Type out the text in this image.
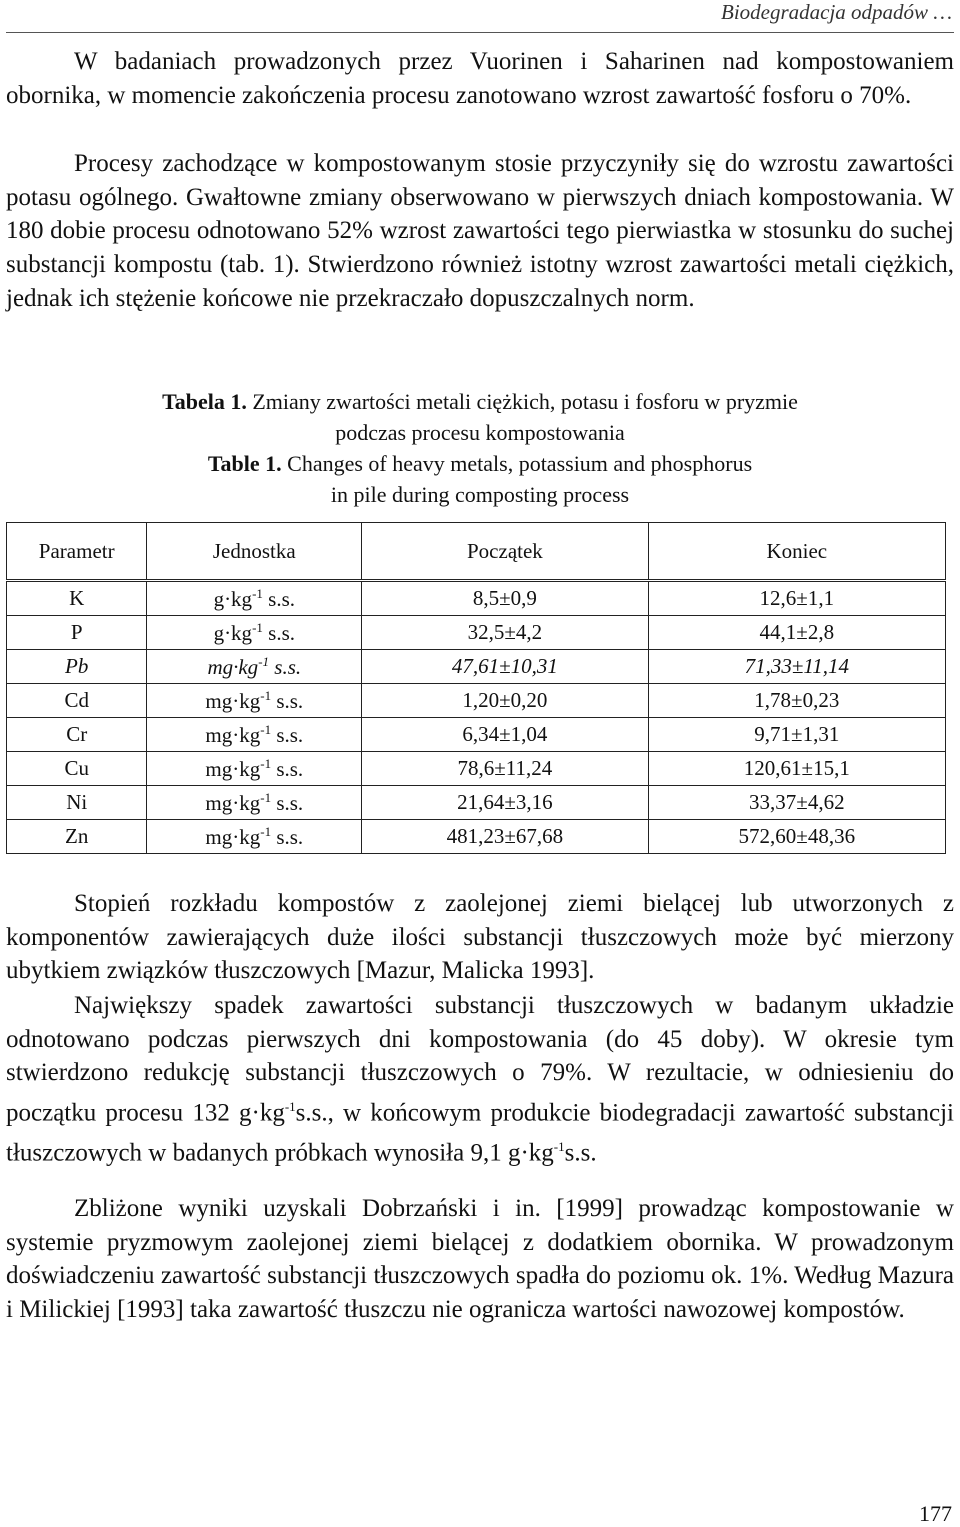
Biodegradacja odpadów …

W badaniach prowadzonych przez Vuorinen i Saharinen nad kompostowaniem obornika, w momencie zakończenia procesu zanotowano wzrost zawartość fosforu o 70%.

Procesy zachodzące w kompostowanym stosie przyczyniły się do wzrostu zawartości potasu ogólnego. Gwałtowne zmiany obserwowano w pierwszych dniach kompostowania. W 180 dobie procesu odnotowano 52% wzrost zawartości tego pierwiastka w stosunku do suchej substancji kompostu (tab. 1). Stwierdzono również istotny wzrost zawartości metali ciężkich, jednak ich stężenie końcowe nie przekraczało dopuszczalnych norm.

Tabela 1. Zmiany zwartości metali ciężkich, potasu i fosforu w pryzmie
podczas procesu kompostowania
Table 1. Changes of heavy metals, potassium and phosphorus
in pile during composting process
Parametr	Jednostka	Początek	Koniec
K	$g\cdot kg^{-1}$ s.s.	8,5±0,9	12,6±1,1
P	$g\cdot kg^{-1}$ s.s.	32,5±4,2	44,1±2,8
Pb	$mg\cdot kg^{-1}$ s.s.	47,61±10,31	71,33±11,14
Cd	$mg\cdot kg^{-1}$ s.s.	1,20±0,20	1,78±0,23
Cr	$mg\cdot kg^{-1}$ s.s.	6,34±1,04	9,71±1,31
Cu	$mg\cdot kg^{-1}$ s.s.	78,6±11,24	120,61±15,1
Ni	$mg\cdot kg^{-1}$ s.s.	21,64±3,16	33,37±4,62
Zn	$mg\cdot kg^{-1}$ s.s.	481,23±67,68	572,60±48,36

Stopień rozkładu kompostów z zaolejonej ziemi bielącej lub utworzonych z komponentów zawierających duże ilości substancji tłuszczowych może być mierzony ubytkiem związków tłuszczowych [Mazur, Malicka 1993].

Największy spadek zawartości substancji tłuszczowych w badanym układzie odnotowano podczas pierwszych dni kompostowania (do 45 doby). W okresie tym stwierdzono redukcję substancji tłuszczowych o 79%. W rezultacie, w odniesieniu do początku procesu 132 $g\cdot kg^{-1}s.s$., w końcowym produkcie biodegradacji zawartość substancji tłuszczowych w badanych próbkach wynosiła 9,1 $g\cdot kg^{-1}s.s$.

Zbliżone wyniki uzyskali Dobrzański i in. [1999] prowadząc kompostowanie w systemie pryzmowym zaolejonej ziemi bielącej z dodatkiem obornika. W prowadzonym doświadczeniu zawartość substancji tłuszczowych spadła do poziomu ok. 1%. Według Mazura i Milickiej [1993] taka zawartość tłuszczu nie ogranicza wartości nawozowej kompostów.

177
